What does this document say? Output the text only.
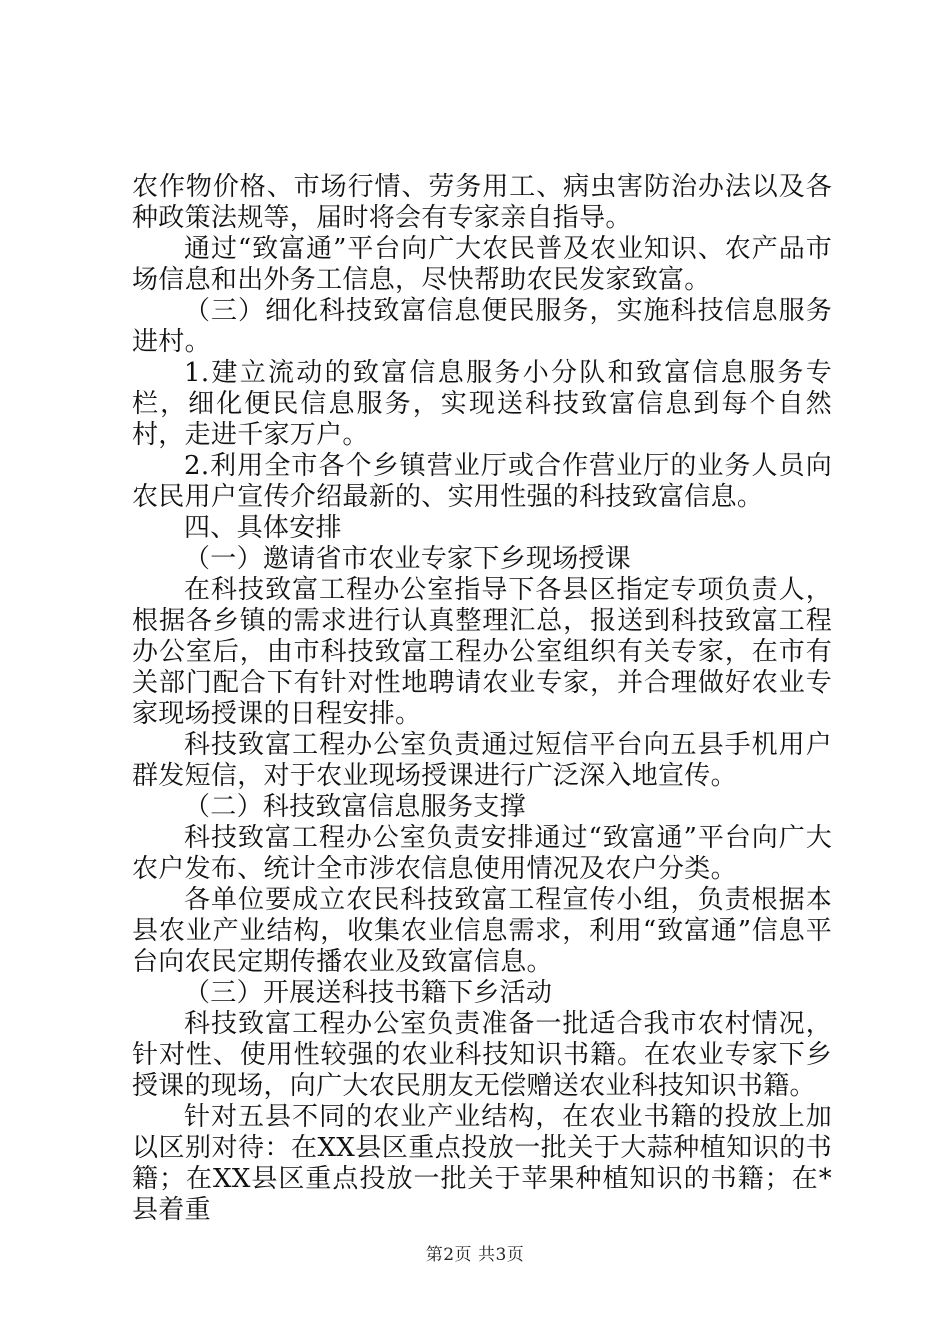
农作物价格、市场行情、劳务用工、病虫害防治办法以及各种政策法规等，届时将会有专家亲自指导。

通过“致富通”平台向广大农民普及农业知识、农产品市场信息和出外务工信息，尽快帮助农民发家致富。

（三）细化科技致富信息便民服务，实施科技信息服务进村。

1.建立流动的致富信息服务小分队和致富信息服务专栏，细化便民信息服务，实现送科技致富信息到每个自然村，走进千家万户。

2.利用全市各个乡镇营业厅或合作营业厅的业务人员向农民用户宣传介绍最新的、实用性强的科技致富信息。

四、具体安排

（一）邀请省市农业专家下乡现场授课

在科技致富工程办公室指导下各县区指定专项负责人，根据各乡镇的需求进行认真整理汇总，报送到科技致富工程办公室后，由市科技致富工程办公室组织有关专家，在市有关部门配合下有针对性地聘请农业专家，并合理做好农业专家现场授课的日程安排。

科技致富工程办公室负责通过短信平台向五县手机用户群发短信，对于农业现场授课进行广泛深入地宣传。

（二）科技致富信息服务支撑

科技致富工程办公室负责安排通过“致富通”平台向广大农户发布、统计全市涉农信息使用情况及农户分类。

各单位要成立农民科技致富工程宣传小组，负责根据本县农业产业结构，收集农业信息需求，利用“致富通”信息平台向农民定期传播农业及致富信息。

（三）开展送科技书籍下乡活动

科技致富工程办公室负责准备一批适合我市农村情况，针对性、使用性较强的农业科技知识书籍。在农业专家下乡授课的现场，向广大农民朋友无偿赠送农业科技知识书籍。

针对五县不同的农业产业结构，在农业书籍的投放上加以区别对待：在XX县区重点投放一批关于大蒜种植知识的书籍；在XX县区重点投放一批关于苹果种植知识的书籍；在*县着重

第2页 共3页
